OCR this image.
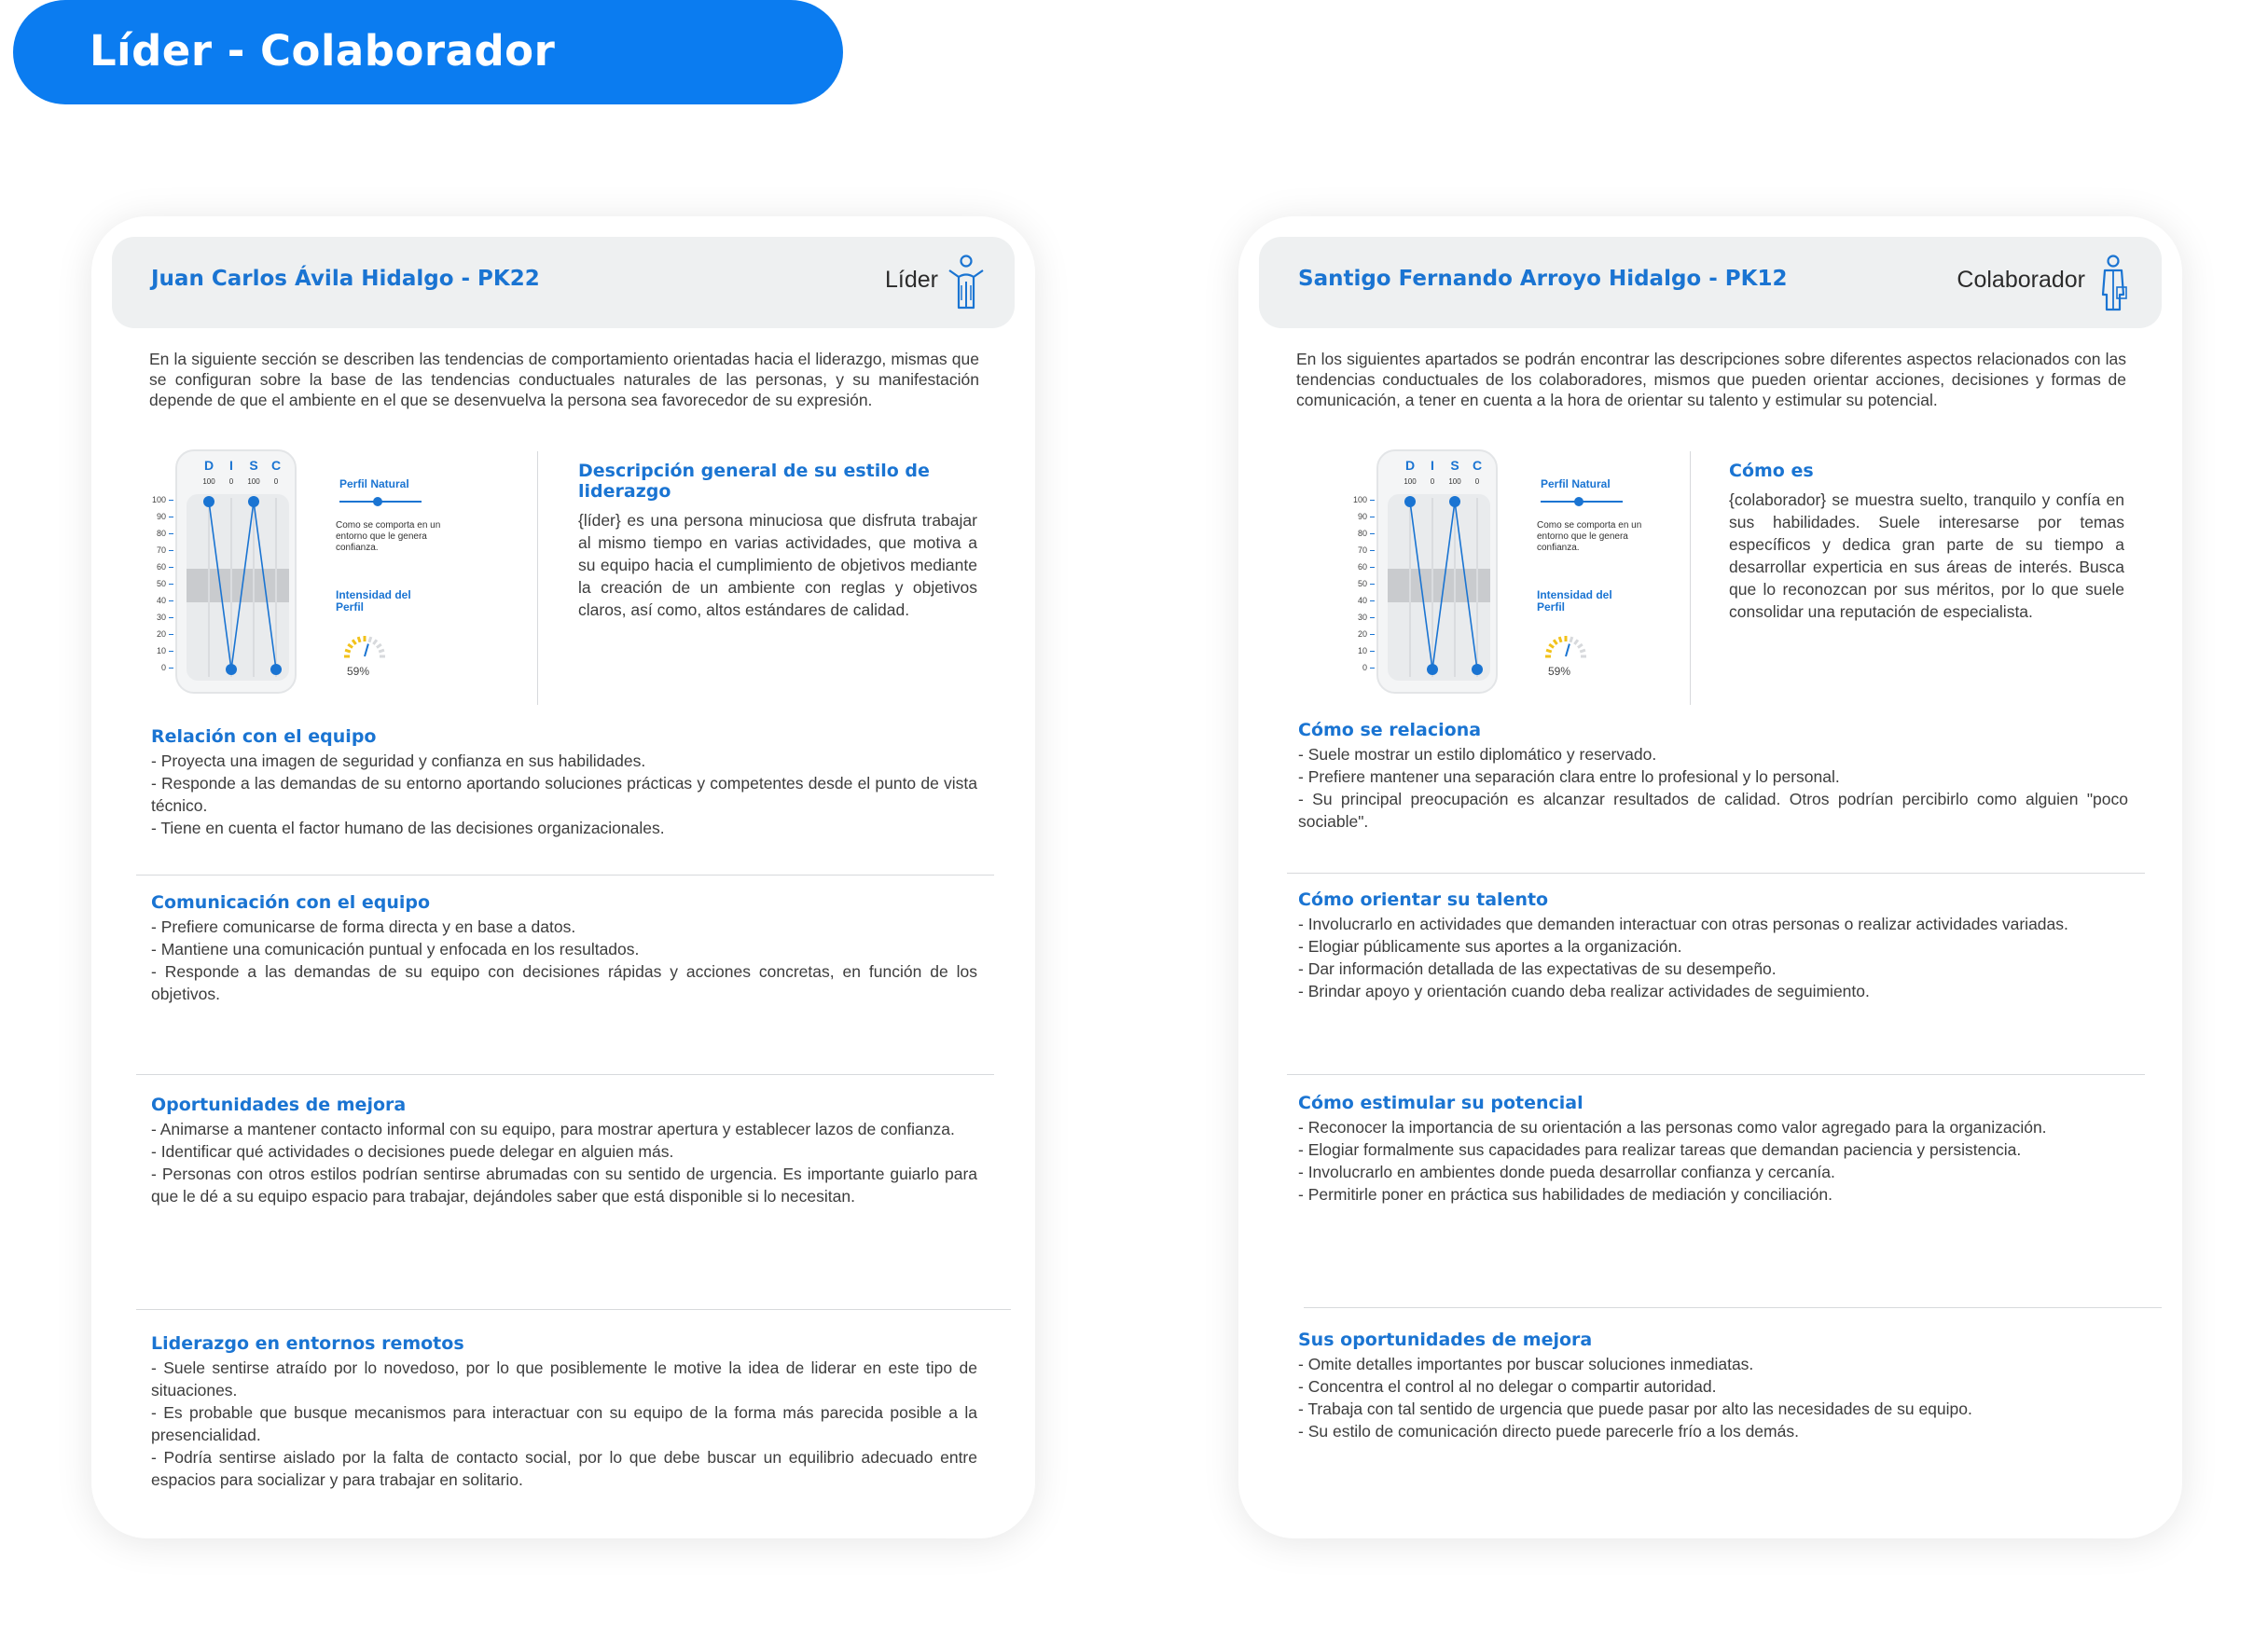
Líder - Colaborador
Juan Carlos Ávila Hidalgo - PK22	Líder
En la siguiente sección se describen las tendencias de comportamiento orientadas hacia el liderazgo, mismas que se configuran sobre la base de las tendencias conductuales naturales de las personas, y su manifestación depende de que el ambiente en el que se desenvuelva la persona sea favorecedor de su expresión.
100
90
80
70
60
50
40
30
20
10
0
D	I	S	C
100	0	100	0	Perfil Natural
Como se comporta en un entorno que le genera confianza.
Intensidad del Perfil
59%
Descripción general de su estilo de liderazgo
{líder} es una persona minuciosa que disfruta trabajar al mismo tiempo en varias actividades, que motiva a su equipo hacia el cumplimiento de objetivos mediante la creación de un ambiente con reglas y objetivos claros, así como, altos estándares de calidad.
Relación con el equipo
- Proyecta una imagen de seguridad y confianza en sus habilidades.
- Responde a las demandas de su entorno aportando soluciones prácticas y competentes desde el punto de vista técnico.
- Tiene en cuenta el factor humano de las decisiones organizacionales.
Comunicación con el equipo
- Prefiere comunicarse de forma directa y en base a datos.
- Mantiene una comunicación puntual y enfocada en los resultados.
- Responde a las demandas de su equipo con decisiones rápidas y acciones concretas, en función de los objetivos.
Oportunidades de mejora
- Animarse a mantener contacto informal con su equipo, para mostrar apertura y establecer lazos de confianza.
- Identificar qué actividades o decisiones puede delegar en alguien más.
- Personas con otros estilos podrían sentirse abrumadas con su sentido de urgencia. Es importante guiarlo para que le dé a su equipo espacio para trabajar, dejándoles saber que está disponible si lo necesitan.
Liderazgo en entornos remotos
- Suele sentirse atraído por lo novedoso, por lo que posiblemente le motive la idea de liderar en este tipo de situaciones.
- Es probable que busque mecanismos para interactuar con su equipo de la forma más parecida posible a la presencialidad.
- Podría sentirse aislado por la falta de contacto social, por lo que debe buscar un equilibrio adecuado entre espacios para socializar y para trabajar en solitario.
Santigo Fernando Arroyo Hidalgo - PK12	Colaborador
En los siguientes apartados se podrán encontrar las descripciones sobre diferentes aspectos relacionados con las tendencias conductuales de los colaboradores, mismos que pueden orientar acciones, decisiones y formas de comunicación, a tener en cuenta a la hora de orientar su talento y estimular su potencial.
100
90
80
70
60
50
40
30
20
10
0
D	I	S	C
100	0	100	0	Perfil Natural
Como se comporta en un entorno que le genera confianza.
Intensidad del Perfil
59%
Cómo es
{colaborador} se muestra suelto, tranquilo y confía en sus habilidades. Suele interesarse por temas específicos y dedica gran parte de su tiempo a desarrollar experticia en sus áreas de interés. Busca que lo reconozcan por sus méritos, por lo que suele consolidar una reputación de especialista.
Cómo se relaciona
- Suele mostrar un estilo diplomático y reservado.
- Prefiere mantener una separación clara entre lo profesional y lo personal.
- Su principal preocupación es alcanzar resultados de calidad. Otros podrían percibirlo como alguien "poco sociable".
Cómo orientar su talento
- Involucrarlo en actividades que demanden interactuar con otras personas o realizar actividades variadas.
- Elogiar públicamente sus aportes a la organización.
- Dar información detallada de las expectativas de su desempeño.
- Brindar apoyo y orientación cuando deba realizar actividades de seguimiento.
Cómo estimular su potencial
- Reconocer la importancia de su orientación a las personas como valor agregado para la organización.
- Elogiar formalmente sus capacidades para realizar tareas que demandan paciencia y persistencia.
- Involucrarlo en ambientes donde pueda desarrollar confianza y cercanía.
- Permitirle poner en práctica sus habilidades de mediación y conciliación.
Sus oportunidades de mejora
- Omite detalles importantes por buscar soluciones inmediatas.
- Concentra el control al no delegar o compartir autoridad.
- Trabaja con tal sentido de urgencia que puede pasar por alto las necesidades de su equipo.
- Su estilo de comunicación directo puede parecerle frío a los demás.
